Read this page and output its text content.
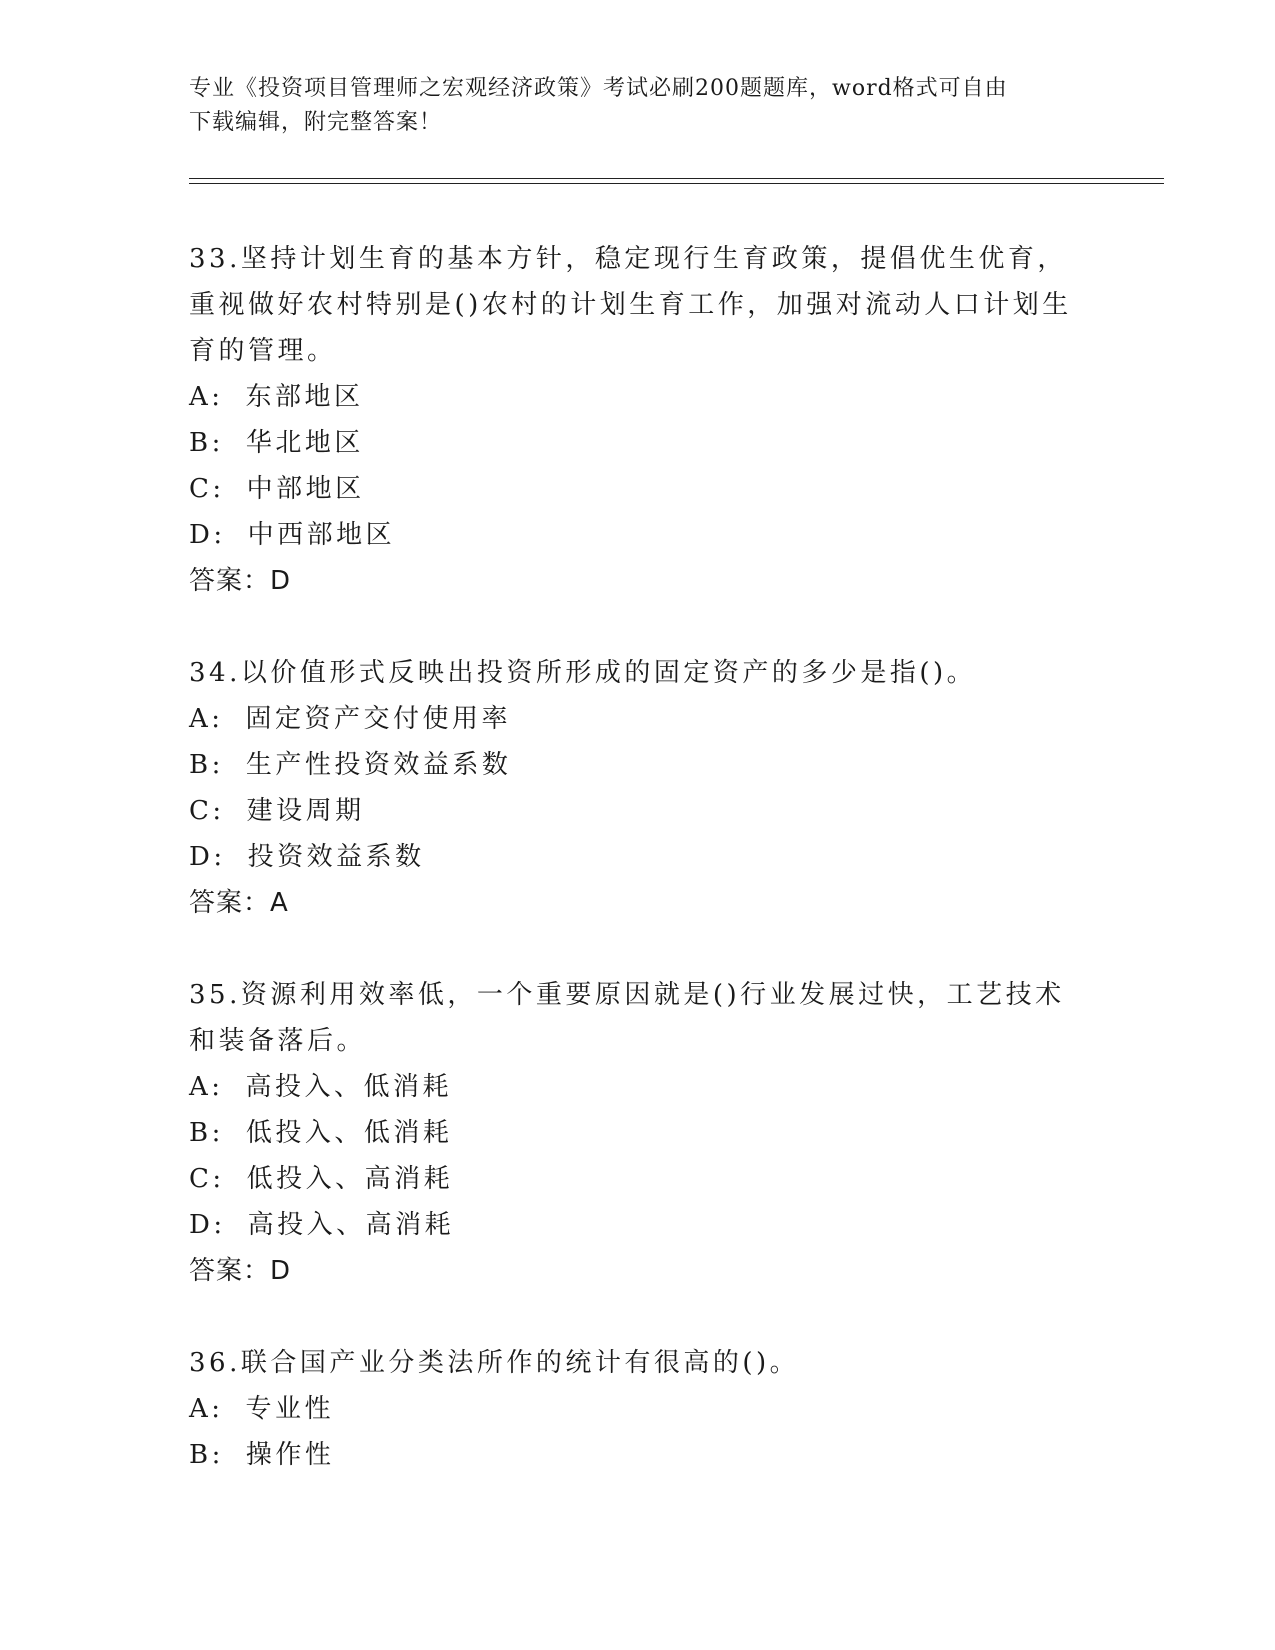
专业《投资项目管理师之宏观经济政策》考试必刷200题题库，word格式可自由
下载编辑，附完整答案！
33.坚持计划生育的基本方针，稳定现行生育政策，提倡优生优育，重视做好农村特别是()农村的计划生育工作，加强对流动人口计划生育的管理。
A: 东部地区
B: 华北地区
C: 中部地区
D: 中西部地区
答案：D
34.以价值形式反映出投资所形成的固定资产的多少是指()。
A: 固定资产交付使用率
B: 生产性投资效益系数
C: 建设周期
D: 投资效益系数
答案：A
35.资源利用效率低，一个重要原因就是()行业发展过快，工艺技术和装备落后。
A: 高投入、低消耗
B: 低投入、低消耗
C: 低投入、高消耗
D: 高投入、高消耗
答案：D
36.联合国产业分类法所作的统计有很高的()。
A: 专业性
B: 操作性
